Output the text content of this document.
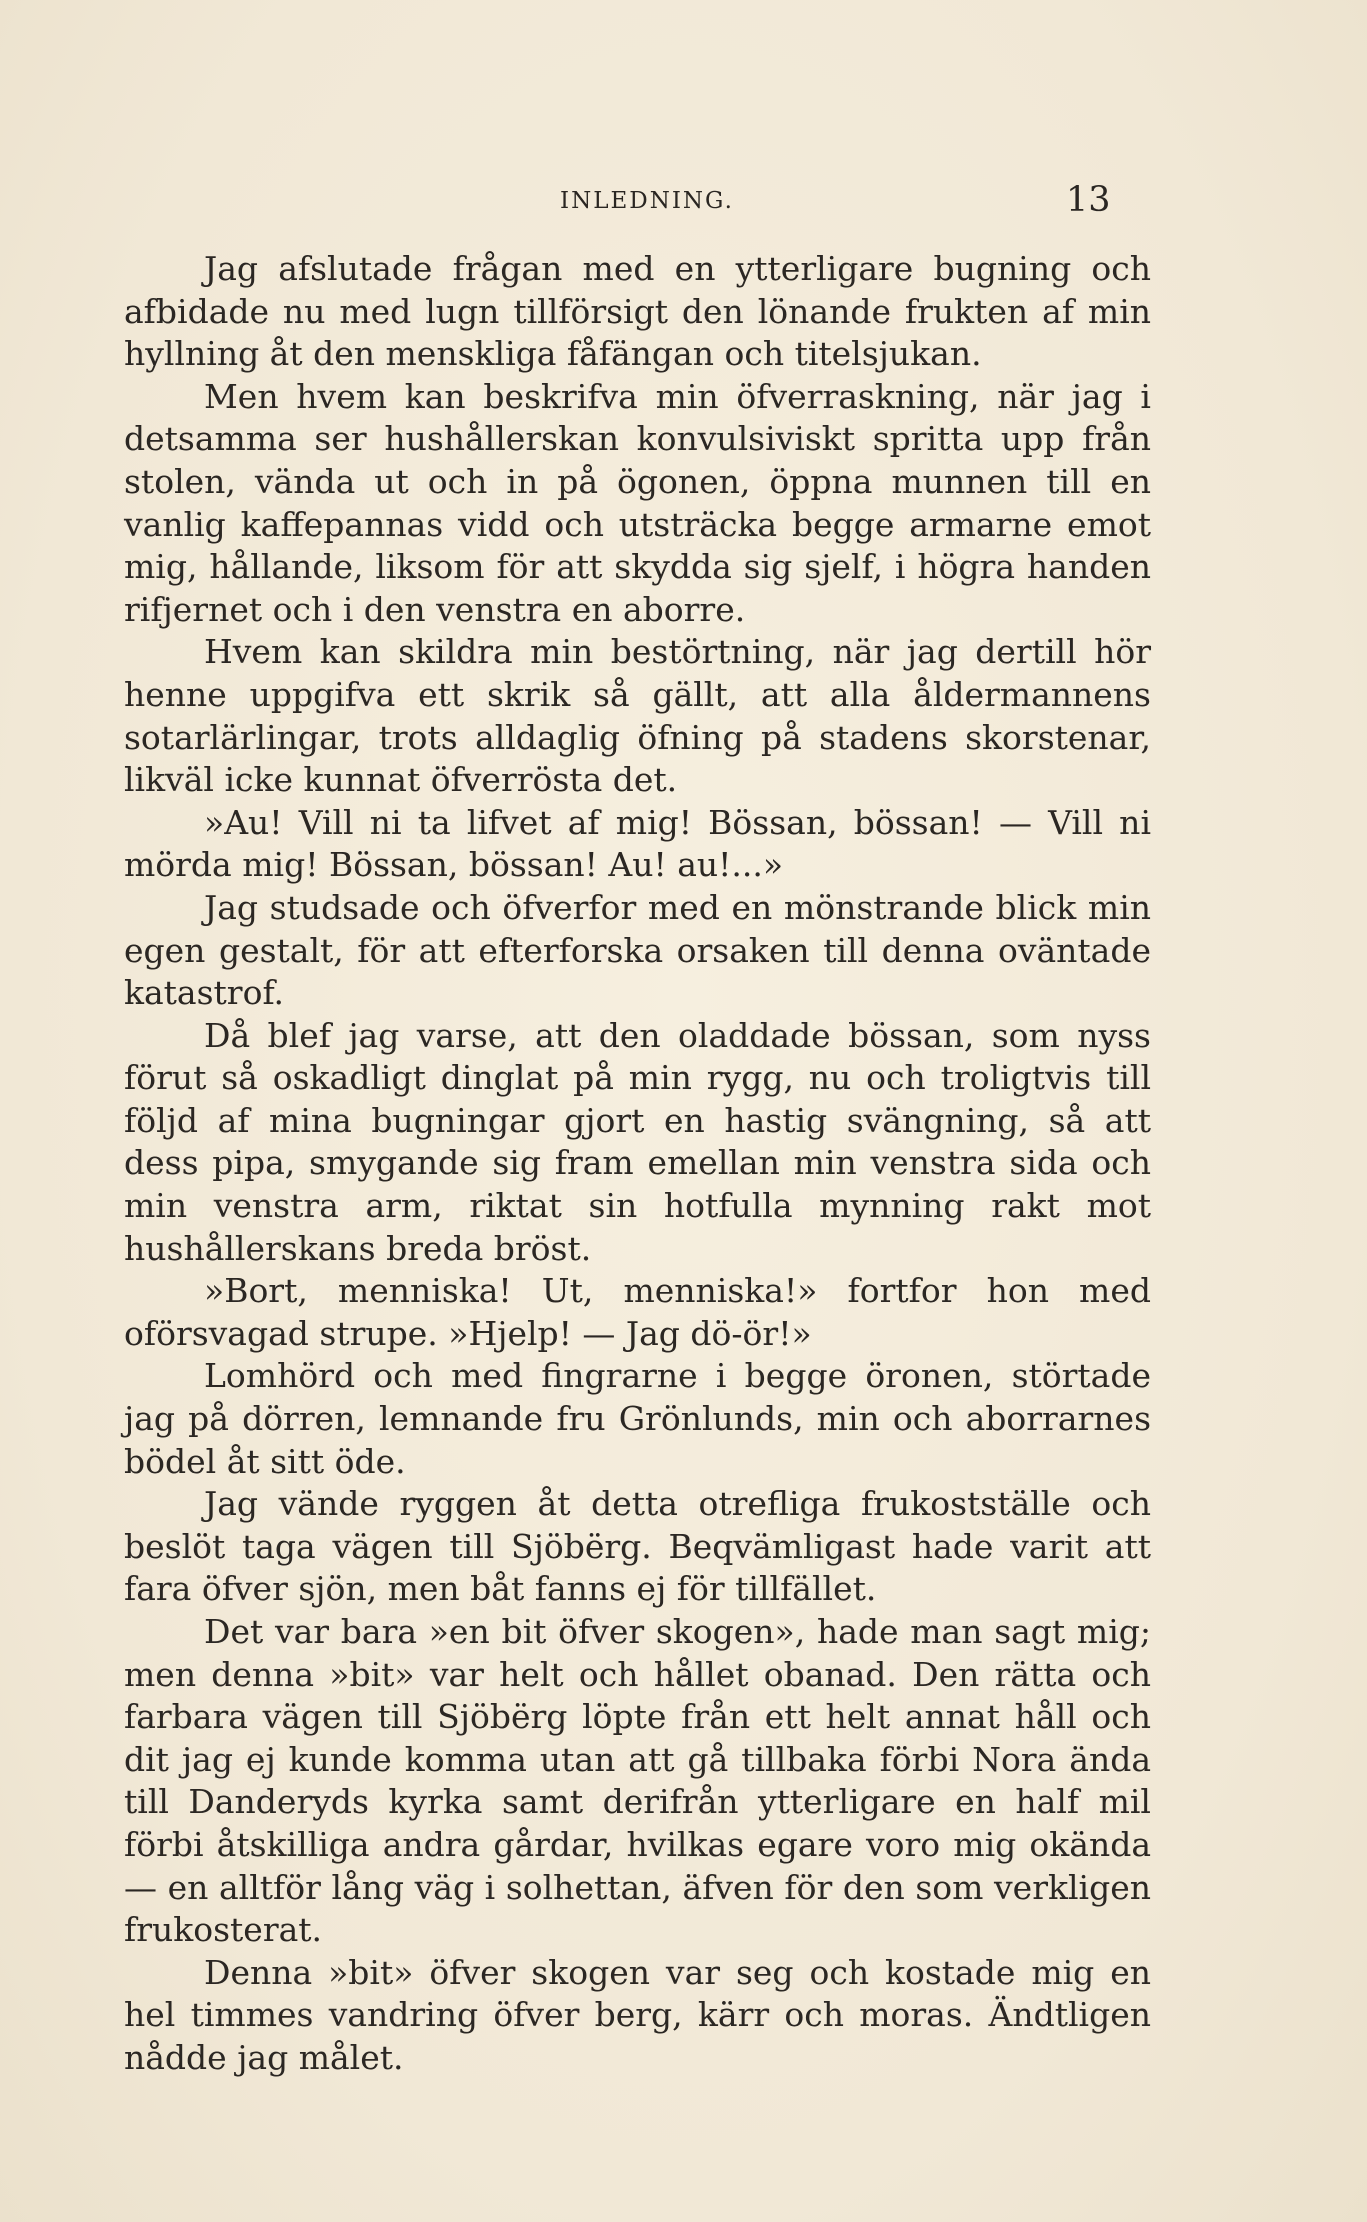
INLEDNING.	13

Jag afslutade frågan med en ytterligare bugning och afbidade nu med lugn tillförsigt den lönande frukten af min hyllning åt den menskliga fåfängan och titelsjukan.

Men hvem kan beskrifva min öfverraskning, när jag i detsamma ser hushållerskan konvulsiviskt spritta upp från stolen, vända ut och in på ögonen, öppna munnen till en vanlig kaffepannas vidd och utsträcka begge armarne emot mig, hållande, liksom för att skydda sig sjelf, i högra handen rifjernet och i den venstra en aborre.

Hvem kan skildra min bestörtning, när jag dertill hör henne uppgifva ett skrik så gällt, att alla åldermannens sotarlärlingar, trots alldaglig öfning på stadens skorstenar, likväl icke kunnat öfverrösta det.

»Au! Vill ni ta lifvet af mig! Bössan, bössan! — Vill ni mörda mig! Bössan, bössan! Au! au!...»

Jag studsade och öfverfor med en mönstrande blick min egen gestalt, för att efterforska orsaken till denna oväntade katastrof.

Då blef jag varse, att den oladdade bössan, som nyss förut så oskadligt dinglat på min rygg, nu och troligtvis till följd af mina bugningar gjort en hastig svängning, så att dess pipa, smygande sig fram emellan min venstra sida och min venstra arm, riktat sin hotfulla mynning rakt mot hushållerskans breda bröst.

»Bort, menniska! Ut, menniska!» fortfor hon med oförsvagad strupe. »Hjelp! — Jag dö-ör!»

Lomhörd och med fingrarne i begge öronen, störtade jag på dörren, lemnande fru Grönlunds, min och aborrarnes bödel åt sitt öde.

Jag vände ryggen åt detta otrefliga frukostställe och beslöt taga vägen till Sjöbërg. Beqvämligast hade varit att fara öfver sjön, men båt fanns ej för tillfället.

Det var bara »en bit öfver skogen», hade man sagt mig; men denna »bit» var helt och hållet obanad. Den rätta och farbara vägen till Sjöbërg löpte från ett helt annat håll och dit jag ej kunde komma utan att gå tillbaka förbi Nora ända till Danderyds kyrka samt derifrån ytterligare en half mil förbi åtskilliga andra gårdar, hvilkas egare voro mig okända — en alltför lång väg i solhettan, äfven för den som verkligen frukosterat.

Denna »bit» öfver skogen var seg och kostade mig en hel timmes vandring öfver berg, kärr och moras. Ändtligen nådde jag målet.
